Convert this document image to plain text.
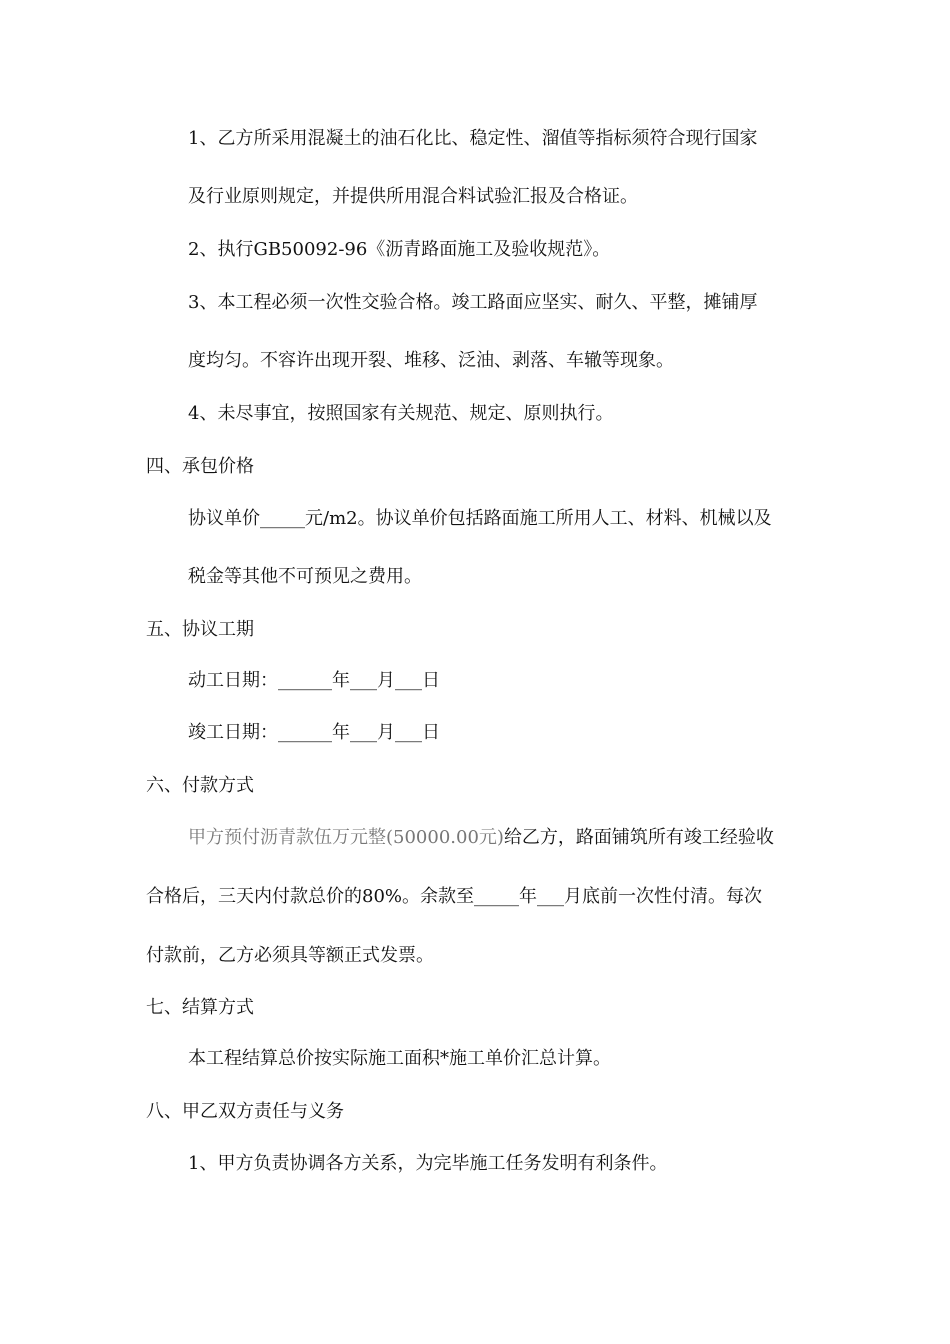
1、乙方所采用混凝土的油石化比、稳定性、溜值等指标须符合现行国家
及行业原则规定，并提供所用混合料试验汇报及合格证。
2、执行GB50092-96《沥青路面施工及验收规范》。
3、本工程必须一次性交验合格。竣工路面应坚实、耐久、平整，摊铺厚
度均匀。不容许出现开裂、堆移、泛油、剥落、车辙等现象。
4、未尽事宜，按照国家有关规范、规定、原则执行。
四、承包价格
协议单价_____元/m2。协议单价包括路面施工所用人工、材料、机械以及
税金等其他不可预见之费用。
五、协议工期
动工日期：______年___月___日
竣工日期：______年___月___日
六、付款方式
甲方预付沥青款伍万元整(50000.00元)给乙方，路面铺筑所有竣工经验收
合格后，三天内付款总价的80%。余款至_____年___月底前一次性付清。每次
付款前，乙方必须具等额正式发票。
七、结算方式
本工程结算总价按实际施工面积*施工单价汇总计算。
八、甲乙双方责任与义务
1、甲方负责协调各方关系，为完毕施工任务发明有利条件。
